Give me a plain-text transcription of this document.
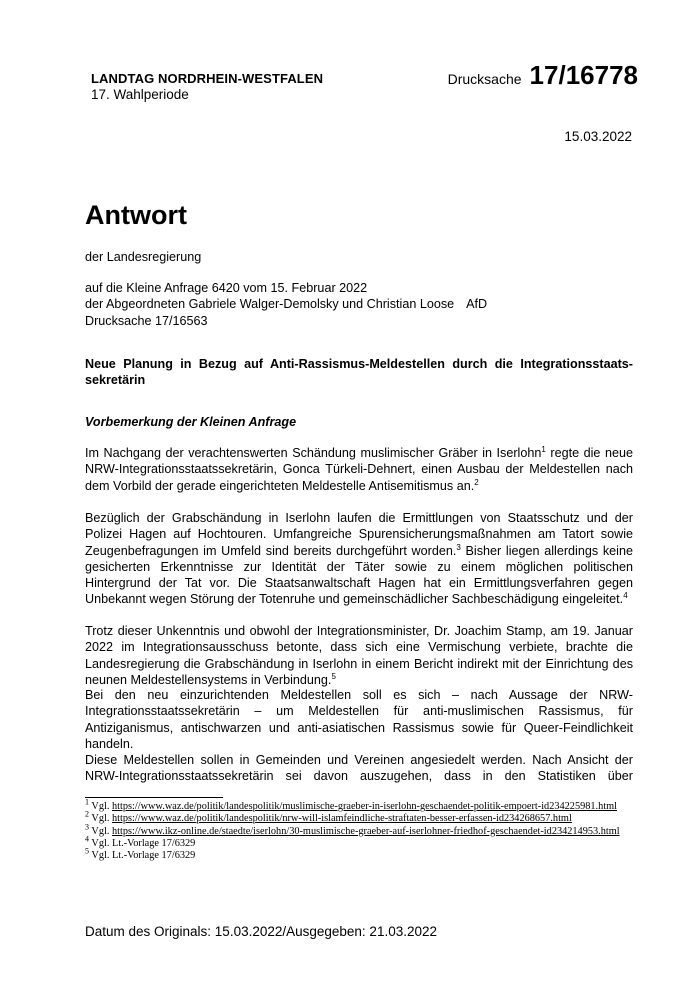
LANDTAG NORDRHEIN-WESTFALEN
17. Wahlperiode
Drucksache 17/16778
15.03.2022
Antwort
der Landesregierung
auf die Kleine Anfrage 6420 vom 15. Februar 2022
der Abgeordneten Gabriele Walger-Demolsky und Christian Loose AfD
Drucksache 17/16563
Neue Planung in Bezug auf Anti-Rassismus-Meldestellen durch die Integrationsstaats-
sekretärin
Vorbemerkung der Kleinen Anfrage
Im Nachgang der verachtenswerten Schändung muslimischer Gräber in Iserlohn$^1$ regte die neue NRW-Integrationsstaatssekretärin, Gonca Türkeli-Dehnert, einen Ausbau der Meldestellen nach dem Vorbild der gerade eingerichteten Meldestelle Antisemitismus an.$^2$
Bezüglich der Grabschändung in Iserlohn laufen die Ermittlungen von Staatsschutz und der Polizei Hagen auf Hochtouren. Umfangreiche Spurensicherungsmaßnahmen am Tatort sowie Zeugenbefragungen im Umfeld sind bereits durchgeführt worden.$^3$ Bisher liegen allerdings keine gesicherten Erkenntnisse zur Identität der Täter sowie zu einem möglichen politischen Hintergrund der Tat vor. Die Staatsanwaltschaft Hagen hat ein Ermittlungsverfahren gegen Unbekannt wegen Störung der Totenruhe und gemeinschädlicher Sachbeschädigung eingeleitet.$^4$
Trotz dieser Unkenntnis und obwohl der Integrationsminister, Dr. Joachim Stamp, am 19. Januar 2022 im Integrationsausschuss betonte, dass sich eine Vermischung verbiete, brachte die Landesregierung die Grabschändung in Iserlohn in einem Bericht indirekt mit der Einrichtung des neunen Meldestellensystems in Verbindung.$^5$
Bei den neu einzurichtenden Meldestellen soll es sich – nach Aussage der NRW-Integrationsstaatssekretärin – um Meldestellen für anti-muslimischen Rassismus, für Antiziganismus, antischwarzen und anti-asiatischen Rassismus sowie für Queer-Feindlichkeit handeln.
Diese Meldestellen sollen in Gemeinden und Vereinen angesiedelt werden. Nach Ansicht der NRW-Integrationsstaatssekretärin sei davon auszugehen, dass in den Statistiken über
$^1$ Vgl. https://www.waz.de/politik/landespolitik/muslimische-graeber-in-iserlohn-geschaendet-politik-empoert-id234225981.html
$^2$ Vgl. https://www.waz.de/politik/landespolitik/nrw-will-islamfeindliche-straftaten-besser-erfassen-id234268657.html
$^3$ Vgl. https://www.ikz-online.de/staedte/iserlohn/30-muslimische-graeber-auf-iserlohner-friedhof-geschaendet-id234214953.html
$^4$ Vgl. Lt.-Vorlage 17/6329
$^5$ Vgl. Lt.-Vorlage 17/6329
Datum des Originals: 15.03.2022/Ausgegeben: 21.03.2022
